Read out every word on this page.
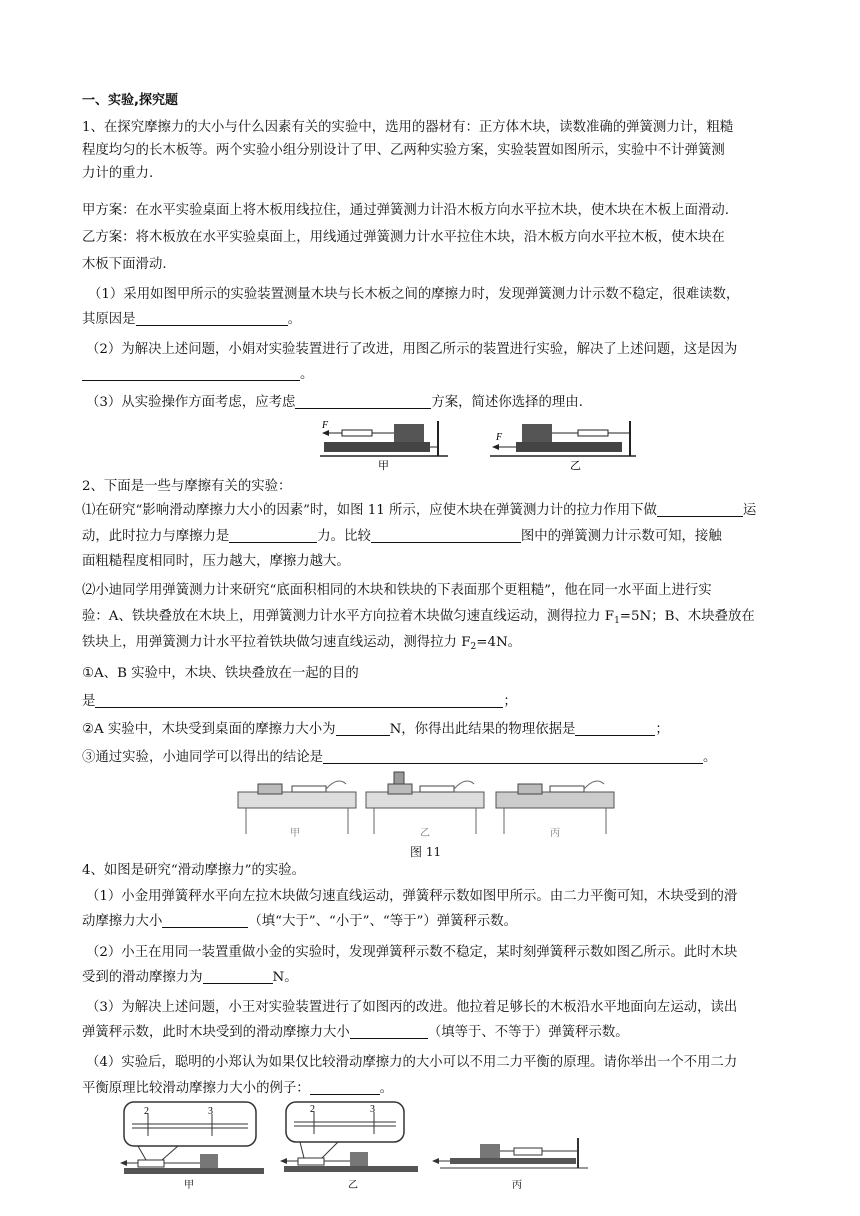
一、实验,探究题
1、在探究摩擦力的大小与什么因素有关的实验中，选用的器材有：正方体木块，读数准确的弹簧测力计，粗糙
程度均匀的长木板等。两个实验小组分别设计了甲、乙两种实验方案，实验装置如图所示，实验中不计弹簧测
力计的重力.
甲方案：在水平实验桌面上将木板用线拉住，通过弹簧测力计沿木板方向水平拉木块，使木块在木板上面滑动.
乙方案：将木板放在水平实验桌面上，用线通过弹簧测力计水平拉住木块，沿木板方向水平拉木板，使木块在
木板下面滑动.
（1）采用如图甲所示的实验装置测量木块与长木板之间的摩擦力时，发现弹簧测力计示数不稳定，很难读数，
其原因是	。
（2）为解决上述问题，小娟对实验装置进行了改进，用图乙所示的装置进行实验，解决了上述问题，这是因为
。
（3）从实验操作方面考虑，应考虑	方案，简述你选择的理由.
F
甲
F
乙
2、下面是一些与摩擦有关的实验：
⑴在研究“影响滑动摩擦力大小的因素”时，如图 11 所示，应使木块在弹簧测力计的拉力作用下做	运
动，此时拉力与摩擦力是	力。比较	图中的弹簧测力计示数可知，接触
面粗糙程度相同时，压力越大，摩擦力越大。
⑵小迪同学用弹簧测力计来研究“底面积相同的木块和铁块的下表面那个更粗糙”，他在同一水平面上进行实
验：A、铁块叠放在木块上，用弹簧测力计水平方向拉着木块做匀速直线运动，测得拉力 $F_1=5N$；B、木块叠放在
铁块上，用弹簧测力计水平拉着铁块做匀速直线运动，测得拉力 $F_2=4N$。
①A、B 实验中，木块、铁块叠放在一起的目的
是	；
②A 实验中，木块受到桌面的摩擦力大小为	N，你得出此结果的物理依据是	；
③通过实验，小迪同学可以得出的结论是	。
甲	乙	丙
图 11
4、如图是研究“滑动摩擦力”的实验。
（1）小金用弹簧秤水平向左拉木块做匀速直线运动，弹簧秤示数如图甲所示。由二力平衡可知，木块受到的滑
动摩擦力大小	（填“大于”、“小于”、“等于”）弹簧秤示数。
（2）小王在用同一装置重做小金的实验时，发现弹簧秤示数不稳定，某时刻弹簧秤示数如图乙所示。此时木块
受到的滑动摩擦力为	N。
（3）为解决上述问题，小王对实验装置进行了如图丙的改进。他拉着足够长的木板沿水平地面向左运动，读出
弹簧秤示数，此时木块受到的滑动摩擦力大小	（填等于、不等于）弹簧秤示数。
（4）实验后，聪明的小郑认为如果仅比较滑动摩擦力的大小可以不用二力平衡的原理。请你举出一个不用二力
平衡原理比较滑动摩擦力大小的例子：	。
2	3
甲
2	3
乙	丙
